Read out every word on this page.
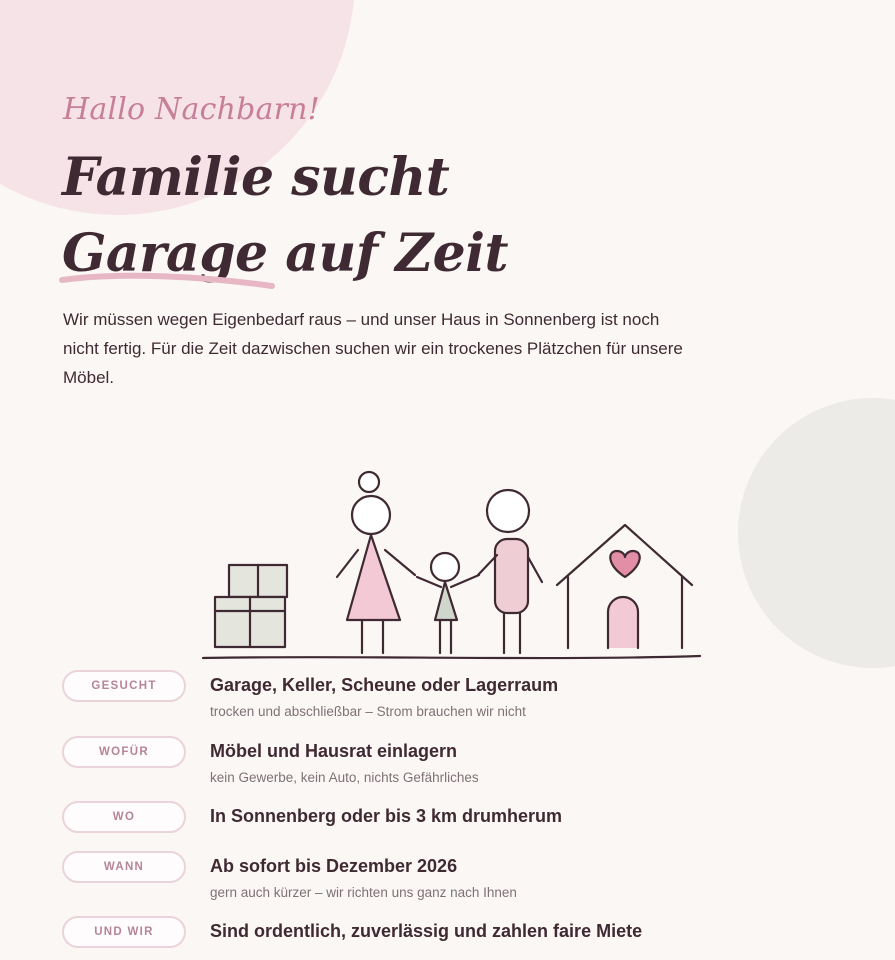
Hallo Nachbarn!

Familie sucht
Garage
auf Zeit

Wir müssen wegen Eigenbedarf raus – und unser Haus in Sonnenberg ist noch nicht fertig. Für die Zeit dazwischen suchen wir ein trockenes Plätzchen für unsere Möbel.

GESUCHT	Garage, Keller, Scheune oder Lagerraum
trocken und abschließbar – Strom brauchen wir nicht
WOFÜR	Möbel und Hausrat einlagern
kein Gewerbe, kein Auto, nichts Gefährliches
WO	In Sonnenberg oder bis 3 km drumherum
WANN	Ab sofort bis Dezember 2026
gern auch kürzer – wir richten uns ganz nach Ihnen
UND WIR	Sind ordentlich, zuverlässig und zahlen faire Miete
